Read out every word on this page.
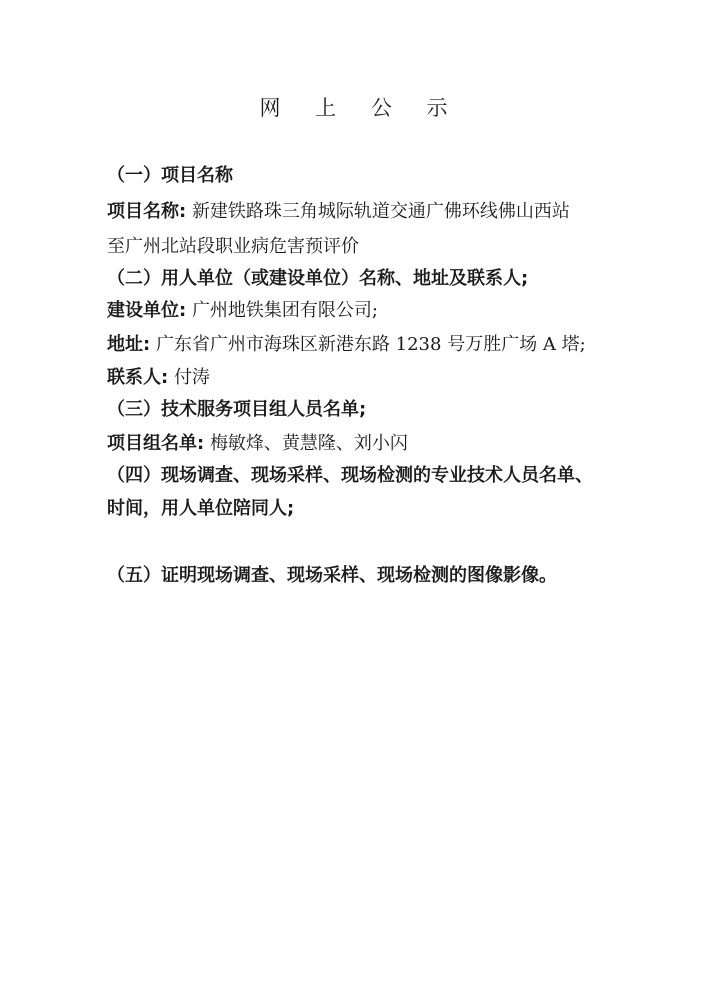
网 上 公 示
（一）项目名称
项目名称: 新建铁路珠三角城际轨道交通广佛环线佛山西站
至广州北站段职业病危害预评价
（二）用人单位（或建设单位）名称、地址及联系人;
建设单位: 广州地铁集团有限公司;
地址: 广东省广州市海珠区新港东路 1238 号万胜广场 A 塔;
联系人: 付涛
（三）技术服务项目组人员名单;
项目组名单: 梅敏烽、黄慧隆、刘小闪
（四）现场调查、现场采样、现场检测的专业技术人员名单、
时间，用人单位陪同人;
（五）证明现场调查、现场采样、现场检测的图像影像。
